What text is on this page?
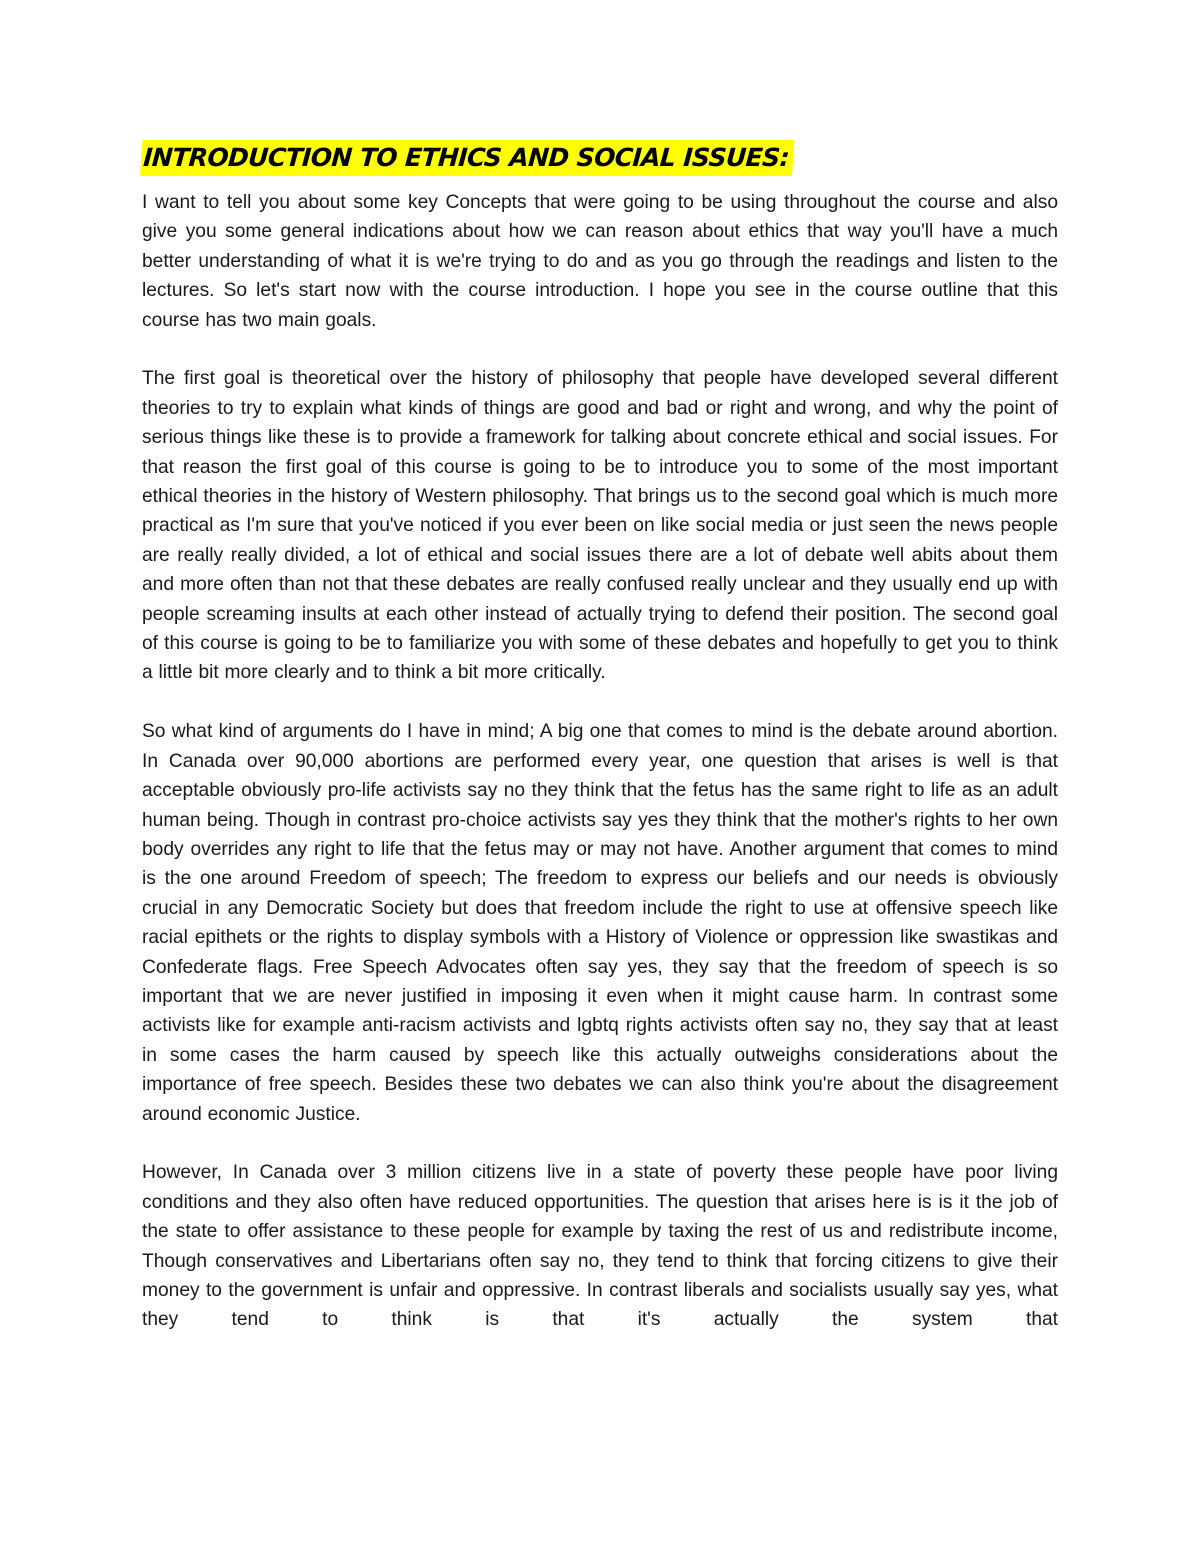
INTRODUCTION TO ETHICS AND SOCIAL ISSUES:

I want to tell you about some key Concepts that were going to be using throughout the course and also give you some general indications about how we can reason about ethics that way you'll have a much better understanding of what it is we're trying to do and as you go through the readings and listen to the lectures. So let's start now with the course introduction. I hope you see in the course outline that this course has two main goals.

The first goal is theoretical over the history of philosophy that people have developed several different theories to try to explain what kinds of things are good and bad or right and wrong, and why the point of serious things like these is to provide a framework for talking about concrete ethical and social issues. For that reason the first goal of this course is going to be to introduce you to some of the most important ethical theories in the history of Western philosophy. That brings us to the second goal which is much more practical as I'm sure that you've noticed if you ever been on like social media or just seen the news people are really really divided, a lot of ethical and social issues there are a lot of debate well abits about them and more often than not that these debates are really confused really unclear and they usually end up with people screaming insults at each other instead of actually trying to defend their position. The second goal of this course is going to be to familiarize you with some of these debates and hopefully to get you to think a little bit more clearly and to think a bit more critically.

So what kind of arguments do I have in mind; A big one that comes to mind is the debate around abortion. In Canada over 90,000 abortions are performed every year, one question that arises is well is that acceptable obviously pro-life activists say no they think that the fetus has the same right to life as an adult human being. Though in contrast pro-choice activists say yes they think that the mother's rights to her own body overrides any right to life that the fetus may or may not have. Another argument that comes to mind is the one around Freedom of speech; The freedom to express our beliefs and our needs is obviously crucial in any Democratic Society but does that freedom include the right to use at offensive speech like racial epithets or the rights to display symbols with a History of Violence or oppression like swastikas and Confederate flags. Free Speech Advocates often say yes, they say that the freedom of speech is so important that we are never justified in imposing it even when it might cause harm. In contrast some activists like for example anti-racism activists and lgbtq rights activists often say no, they say that at least in some cases the harm caused by speech like this actually outweighs considerations about the importance of free speech. Besides these two debates we can also think you're about the disagreement around economic Justice.

However, In Canada over 3 million citizens live in a state of poverty these people have poor living conditions and they also often have reduced opportunities. The question that arises here is is it the job of the state to offer assistance to these people for example by taxing the rest of us and redistribute income, Though conservatives and Libertarians often say no, they tend to think that forcing citizens to give their money to the government is unfair and oppressive. In contrast liberals and socialists usually say yes, what they tend to think is that it's actually the system that
